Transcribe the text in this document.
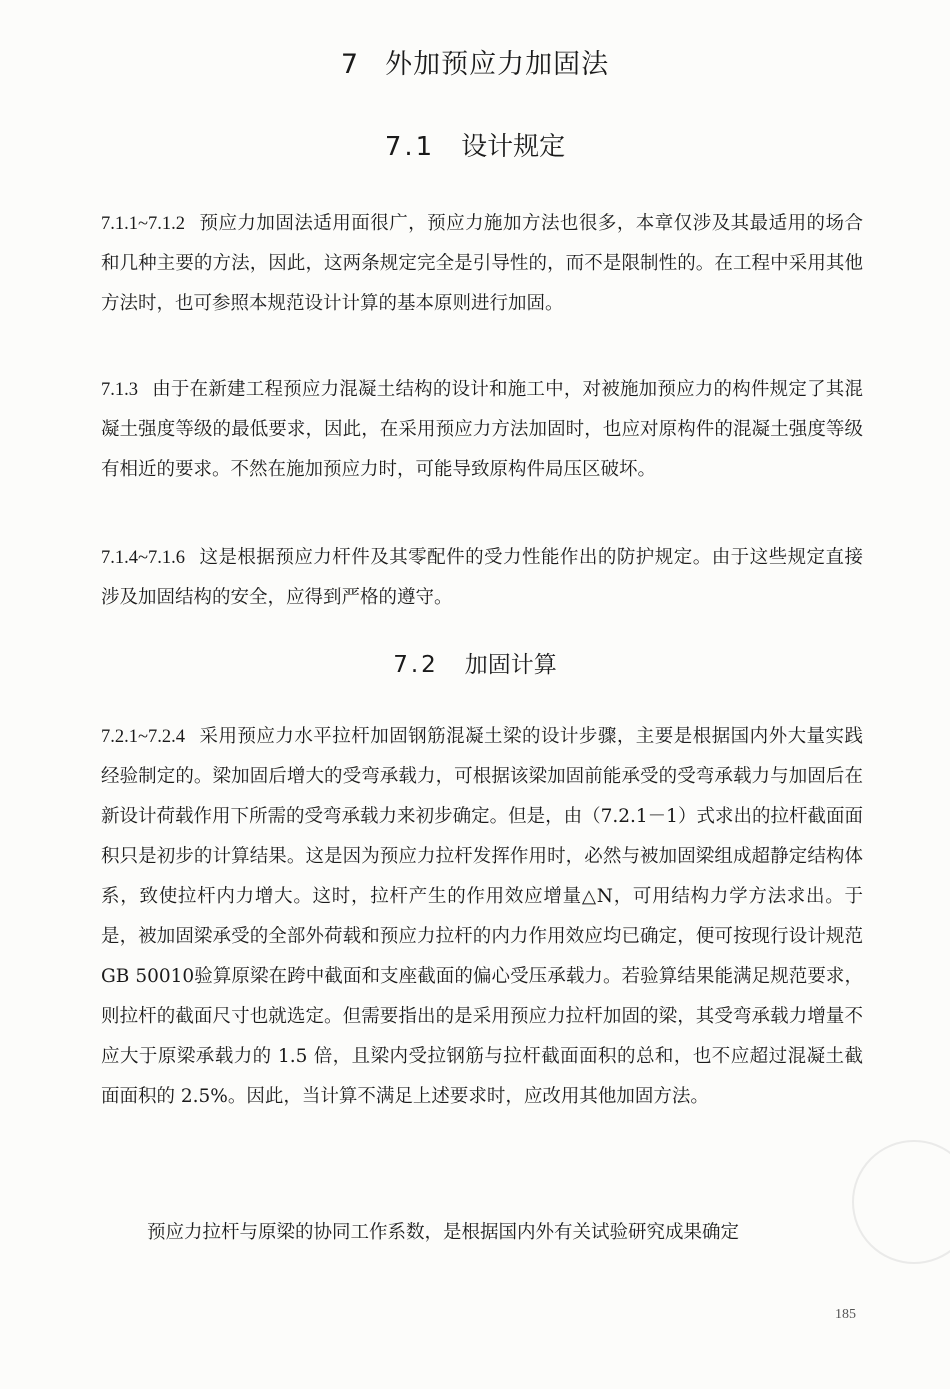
7 外加预应力加固法
7.1 设计规定

7.1.1~7.1.2 预应力加固法适用面很广，预应力施加方法也很多，本章仅涉及其最适用的场合和几种主要的方法，因此，这两条规定完全是引导性的，而不是限制性的。在工程中采用其他方法时，也可参照本规范设计计算的基本原则进行加固。

7.1.3 由于在新建工程预应力混凝土结构的设计和施工中，对被施加预应力的构件规定了其混凝土强度等级的最低要求，因此，在采用预应力方法加固时，也应对原构件的混凝土强度等级有相近的要求。不然在施加预应力时，可能导致原构件局压区破坏。

7.1.4~7.1.6 这是根据预应力杆件及其零配件的受力性能作出的防护规定。由于这些规定直接涉及加固结构的安全，应得到严格的遵守。

7.2 加固计算

7.2.1~7.2.4 采用预应力水平拉杆加固钢筋混凝土梁的设计步骤，主要是根据国内外大量实践经验制定的。梁加固后增大的受弯承载力，可根据该梁加固前能承受的受弯承载力与加固后在新设计荷载作用下所需的受弯承载力来初步确定。但是，由（7.2.1－1）式求出的拉杆截面面积只是初步的计算结果。这是因为预应力拉杆发挥作用时，必然与被加固梁组成超静定结构体系，致使拉杆内力增大。这时，拉杆产生的作用效应增量△N，可用结构力学方法求出。于是，被加固梁承受的全部外荷载和预应力拉杆的内力作用效应均已确定，便可按现行设计规范GB 50010验算原梁在跨中截面和支座截面的偏心受压承载力。若验算结果能满足规范要求，则拉杆的截面尺寸也就选定。但需要指出的是采用预应力拉杆加固的梁，其受弯承载力增量不应大于原梁承载力的 1.5 倍，且梁内受拉钢筋与拉杆截面面积的总和，也不应超过混凝土截面面积的 2.5%。因此，当计算不满足上述要求时，应改用其他加固方法。

预应力拉杆与原梁的协同工作系数，是根据国内外有关试验研究成果确定

185
